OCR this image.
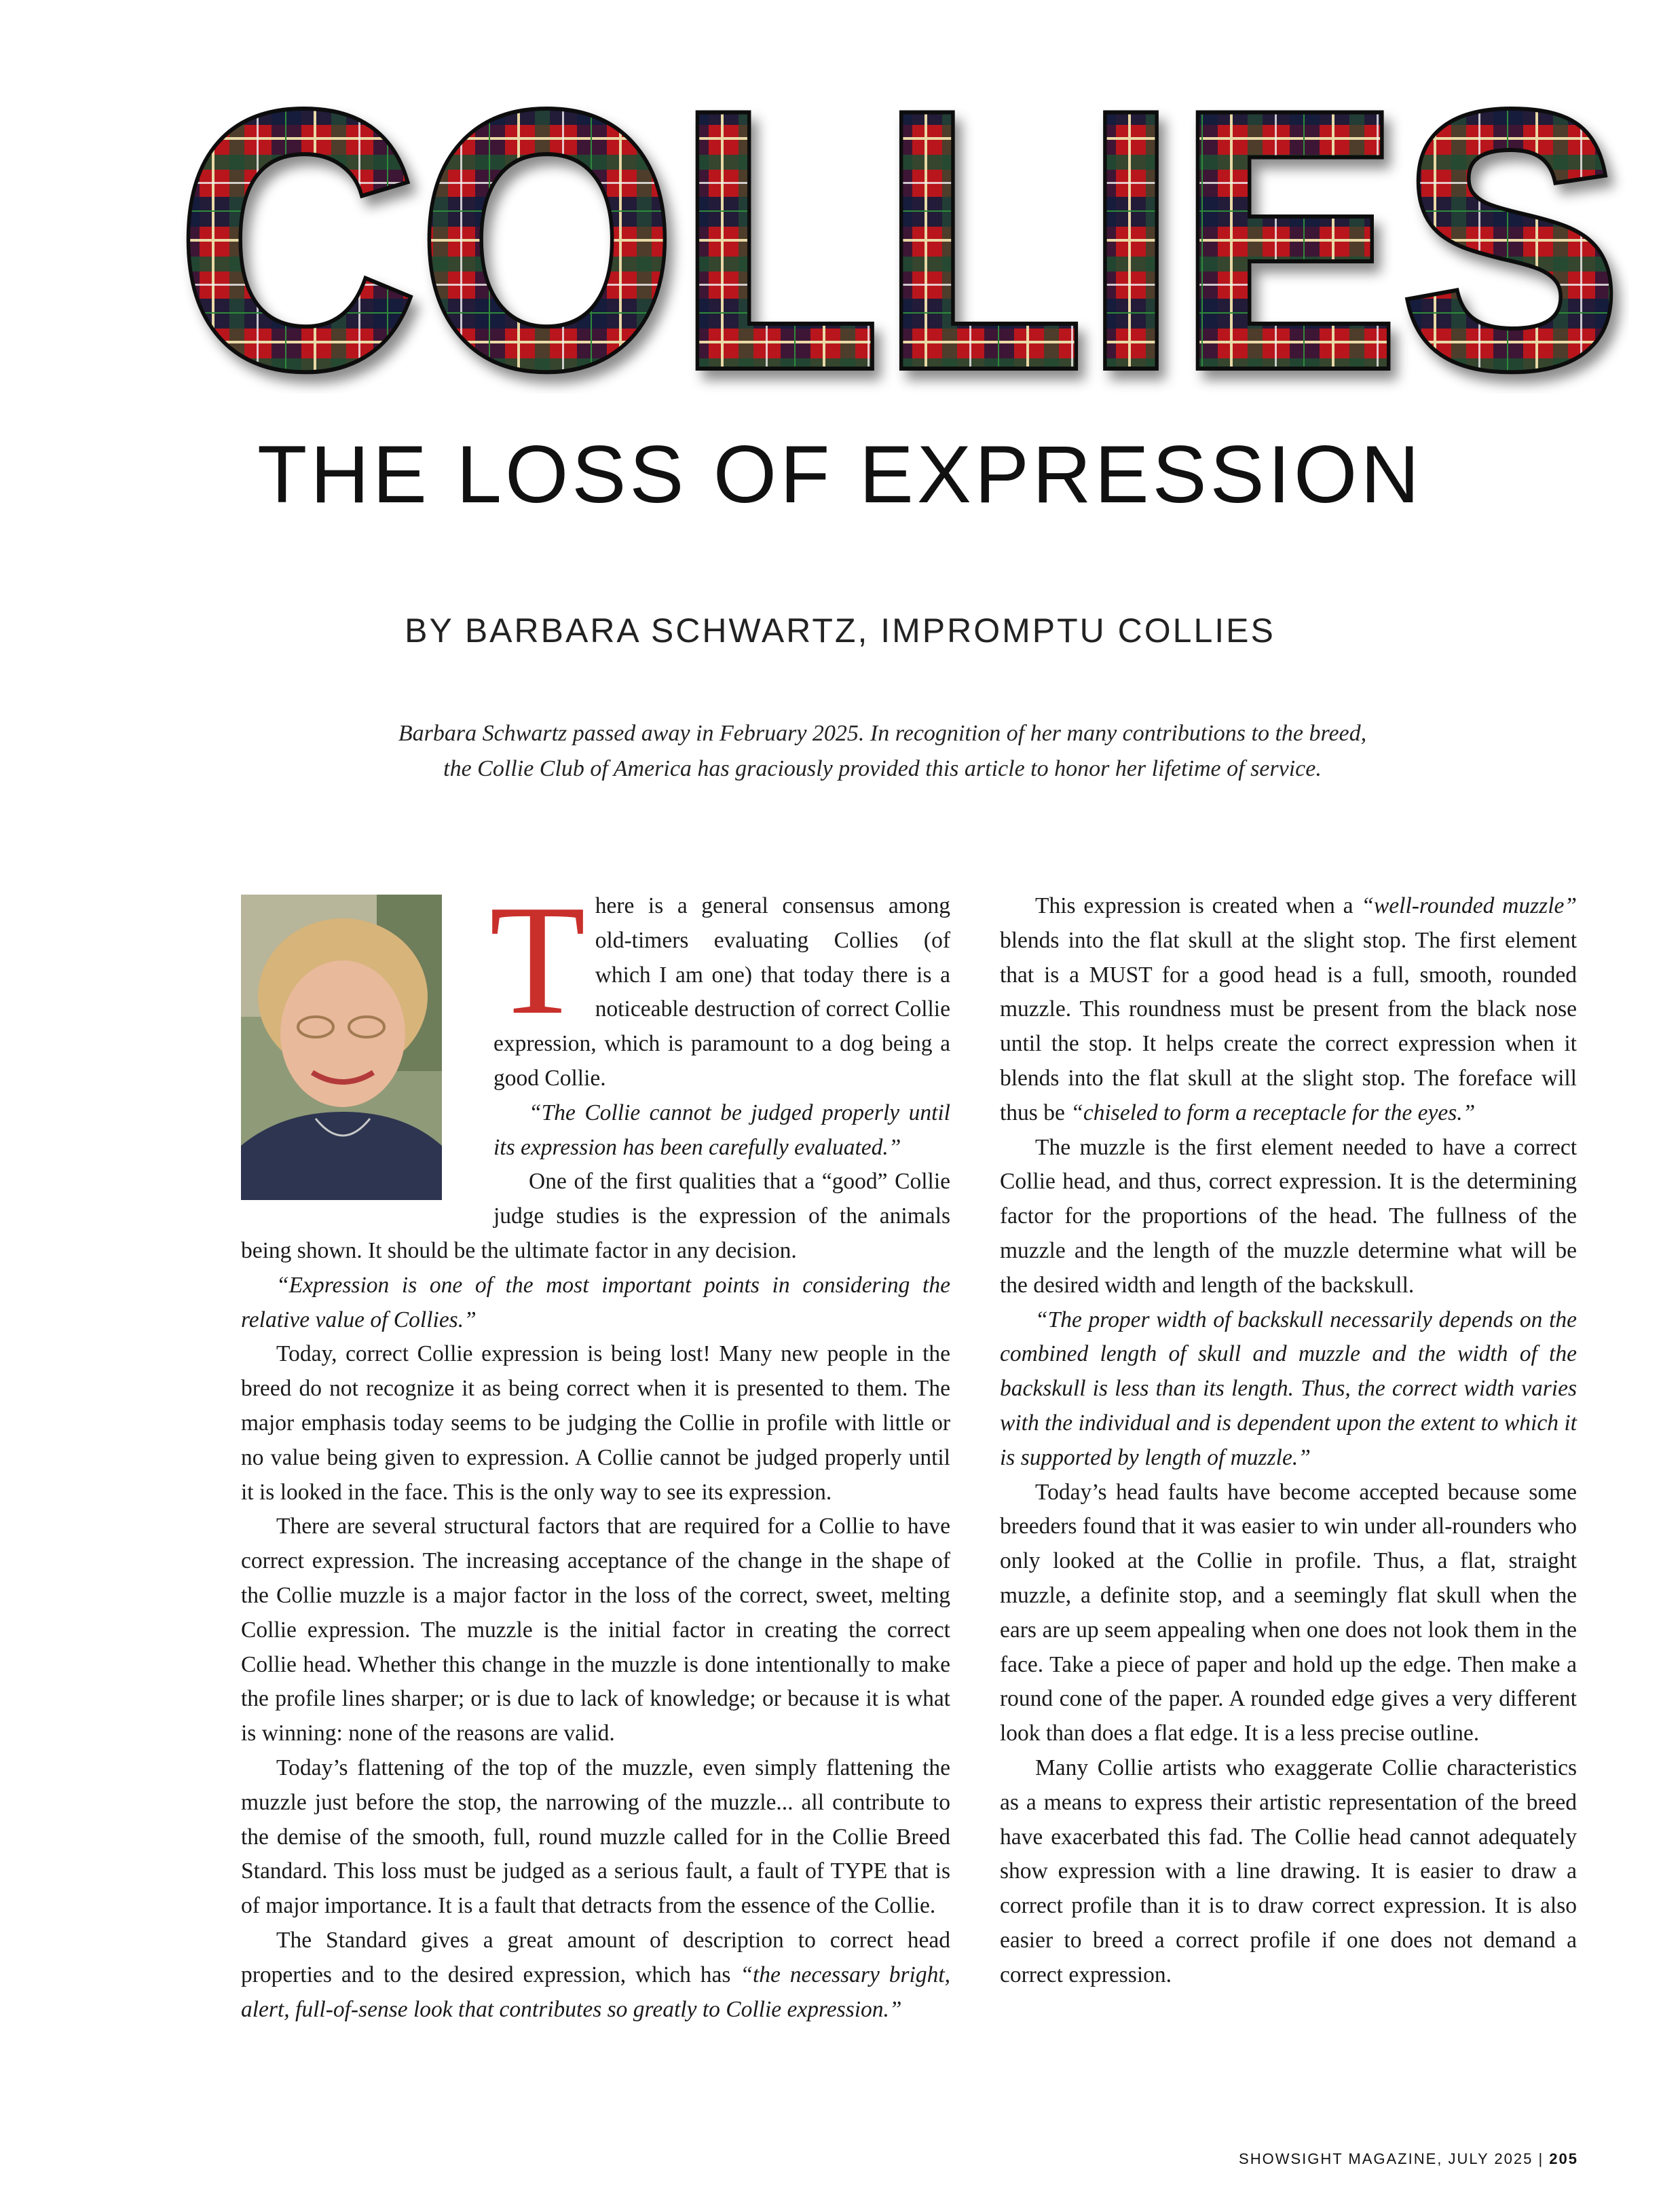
COLLIES
THE LOSS OF EXPRESSION
BY BARBARA SCHWARTZ, IMPROMPTU COLLIES

Barbara Schwartz passed away in February 2025. In recognition of her many contributions to the breed,

the Collie Club of America has graciously provided this article to honor her lifetime of service.

T here is a general consensus among old-timers evaluating Collies (of which I am one) that today there is a noticeable destruction of correct Collie expression, which is paramount to a dog being a good Collie.

“The Collie cannot be judged properly until its expression has been carefully evaluated.”

One of the first qualities that a “good” Collie judge studies is the expression of the animals being shown. It should be the ultimate factor in any decision.

“Expression is one of the most important points in considering the relative value of Collies.”

Today, correct Collie expression is being lost! Many new people in the breed do not recognize it as being correct when it is presented to them. The major emphasis today seems to be judging the Collie in profile with little or no value being given to expression. A Collie cannot be judged properly until it is looked in the face. This is the only way to see its expression.

There are several structural factors that are required for a Collie to have correct expression. The increasing acceptance of the change in the shape of the Collie muzzle is a major factor in the loss of the correct, sweet, melting Collie expression. The muzzle is the initial factor in creating the correct Collie head. Whether this change in the muzzle is done intentionally to make the profile lines sharper; or is due to lack of knowledge; or because it is what is winning: none of the reasons are valid.

Today’s flattening of the top of the muzzle, even simply flattening the muzzle just before the stop, the narrowing of the muzzle... all contribute to the demise of the smooth, full, round muzzle called for in the Collie Breed Standard. This loss must be judged as a serious fault, a fault of TYPE that is of major importance. It is a fault that detracts from the essence of the Collie.

The Standard gives a great amount of description to correct head properties and to the desired expression, which has “the necessary bright, alert, full-of-sense look that contributes so greatly to Collie expression.”

This expression is created when a “well-rounded muzzle” blends into the flat skull at the slight stop. The first element that is a MUST for a good head is a full, smooth, rounded muzzle. This roundness must be present from the black nose until the stop. It helps create the correct expression when it blends into the flat skull at the slight stop. The foreface will thus be “chiseled to form a receptacle for the eyes.”

The muzzle is the first element needed to have a correct Collie head, and thus, correct expression. It is the determining factor for the proportions of the head. The fullness of the muzzle and the length of the muzzle determine what will be the desired width and length of the backskull.

“The proper width of backskull necessarily depends on the combined length of skull and muzzle and the width of the backskull is less than its length. Thus, the correct width varies with the individual and is dependent upon the extent to which it is supported by length of muzzle.”

Today’s head faults have become accepted because some breeders found that it was easier to win under all-rounders who only looked at the Collie in profile. Thus, a flat, straight muzzle, a definite stop, and a seemingly flat skull when the ears are up seem appealing when one does not look them in the face. Take a piece of paper and hold up the edge. Then make a round cone of the paper. A rounded edge gives a very different look than does a flat edge. It is a less precise outline.

Many Collie artists who exaggerate Collie characteristics as a means to express their artistic representation of the breed have exacerbated this fad. The Collie head cannot adequately show expression with a line drawing. It is easier to draw a correct profile than it is to draw correct expression. It is also easier to breed a correct profile if one does not demand a correct expression.

SHOWSIGHT MAGAZINE, JULY 2025 | 205
